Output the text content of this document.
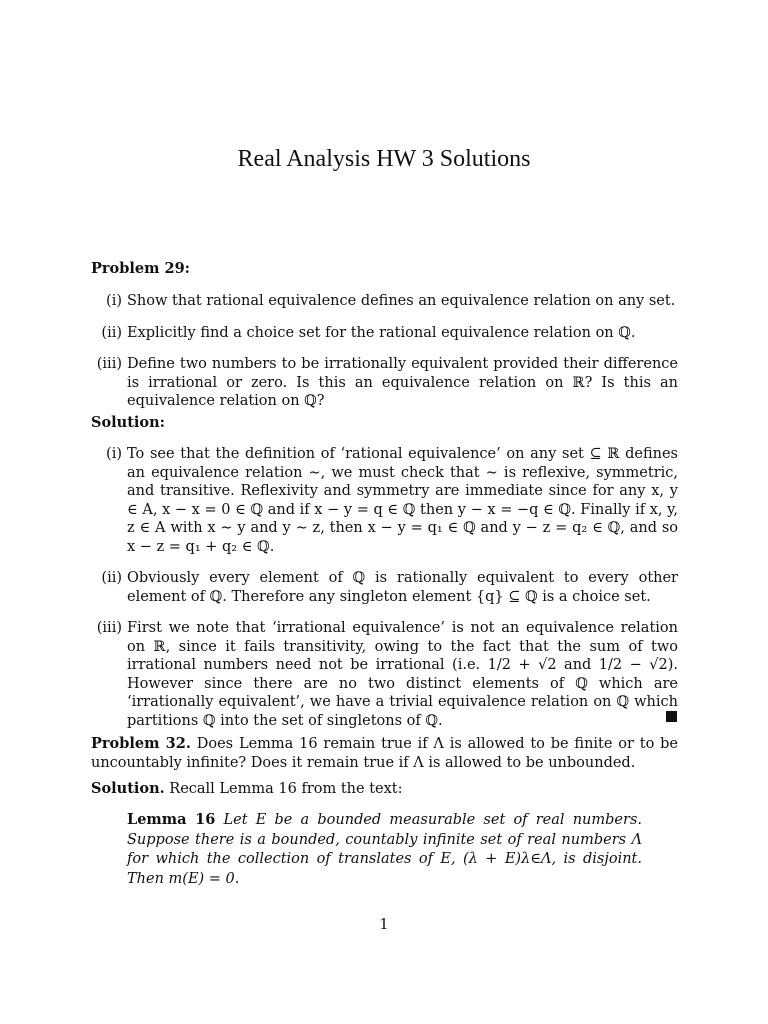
Real Analysis HW 3 Solutions

Problem 29:

(i) Show that rational equivalence defines an equivalence relation on any set.
(ii) Explicitly find a choice set for the rational equivalence relation on ℚ.
(iii) Define two numbers to be irrationally equivalent provided their difference is irrational or zero. Is this an equivalence relation on ℝ? Is this an equivalence relation on ℚ?

Solution:

(i) To see that the definition of ‘rational equivalence’ on any set ⊆ ℝ defines an equivalence relation ∼, we must check that ∼ is reflexive, symmetric, and transitive. Reflexivity and symmetry are immediate since for any x, y ∈ A, x − x = 0 ∈ ℚ and if x − y = q ∈ ℚ then y − x = −q ∈ ℚ. Finally if x, y, z ∈ A with x ∼ y and y ∼ z, then x − y = q₁ ∈ ℚ and y − z = q₂ ∈ ℚ, and so x − z = q₁ + q₂ ∈ ℚ.
(ii) Obviously every element of ℚ is rationally equivalent to every other element of ℚ. Therefore any singleton element {q} ⊆ ℚ is a choice set.
(iii) First we note that ‘irrational equivalence’ is not an equivalence relation on ℝ, since it fails transitivity, owing to the fact that the sum of two irrational numbers need not be irrational (i.e. 1/2 + √2 and 1/2 − √2). However since there are no two distinct elements of ℚ which are ‘irrationally equivalent’, we have a trivial equivalence relation on ℚ which partitions ℚ into the set of singletons of ℚ.

Problem 32. Does Lemma 16 remain true if Λ is allowed to be finite or to be uncountably infinite? Does it remain true if Λ is allowed to be unbounded.

Solution. Recall Lemma 16 from the text:

Lemma 16 Let E be a bounded measurable set of real numbers. Suppose there is a bounded, countably infinite set of real numbers Λ for which the collection of translates of E, (λ + E)λ∈Λ, is disjoint. Then m(E) = 0.

1
